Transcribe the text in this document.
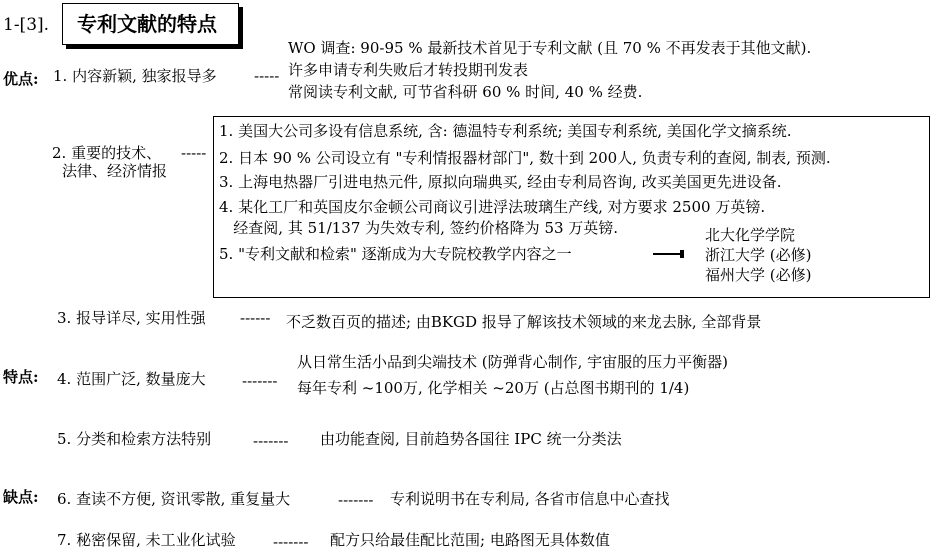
1-[3]. 专利文献的特点
优点:
特点:
缺点:
1. 内容新颖, 独家报导多 -----
WO 调查: 90-95 % 最新技术首见于专利文献 (且 70 % 不再发表于其他文献).
许多申请专利失败后才转投期刊发表
常阅读专利文献, 可节省科研 60 % 时间, 40 % 经费.
2. 重要的技术、
法律、经济情报
-----
1. 美国大公司多设有信息系统, 含: 德温特专利系统; 美国专利系统, 美国化学文摘系统.
2. 日本 90 % 公司设立有 "专利情报器材部门", 数十到 200人, 负责专利的查阅, 制表, 预测.
3. 上海电热器厂引进电热元件, 原拟向瑞典买, 经由专利局咨询, 改买美国更先进设备.
4. 某化工厂和英国皮尔金顿公司商议引进浮法玻璃生产线, 对方要求 2500 万英镑.
经查阅, 其 51/137 为失效专利, 签约价格降为 53 万英镑.
5. "专利文献和检索" 逐渐成为大专院校教学内容之一
北大化学学院
浙江大学 (必修)
福州大学 (必修)
3. 报导详尽, 实用性强 ------ 不乏数百页的描述; 由BKGD 报导了解该技术领域的来龙去脉, 全部背景
4. 范围广泛, 数量庞大 -------
从日常生活小品到尖端技术 (防弹背心制作, 宇宙服的压力平衡器)
每年专利 ~100万, 化学相关 ~20万 (占总图书期刊的 1/4)
5. 分类和检索方法特别	------- 由功能查阅, 目前趋势各国往 IPC 统一分类法
6. 查读不方便, 资讯零散, 重复量大	------- 专利说明书在专利局, 各省市信息中心查找
7. 秘密保留, 未工业化试验 ------- 配方只给最佳配比范围; 电路图无具体数值
